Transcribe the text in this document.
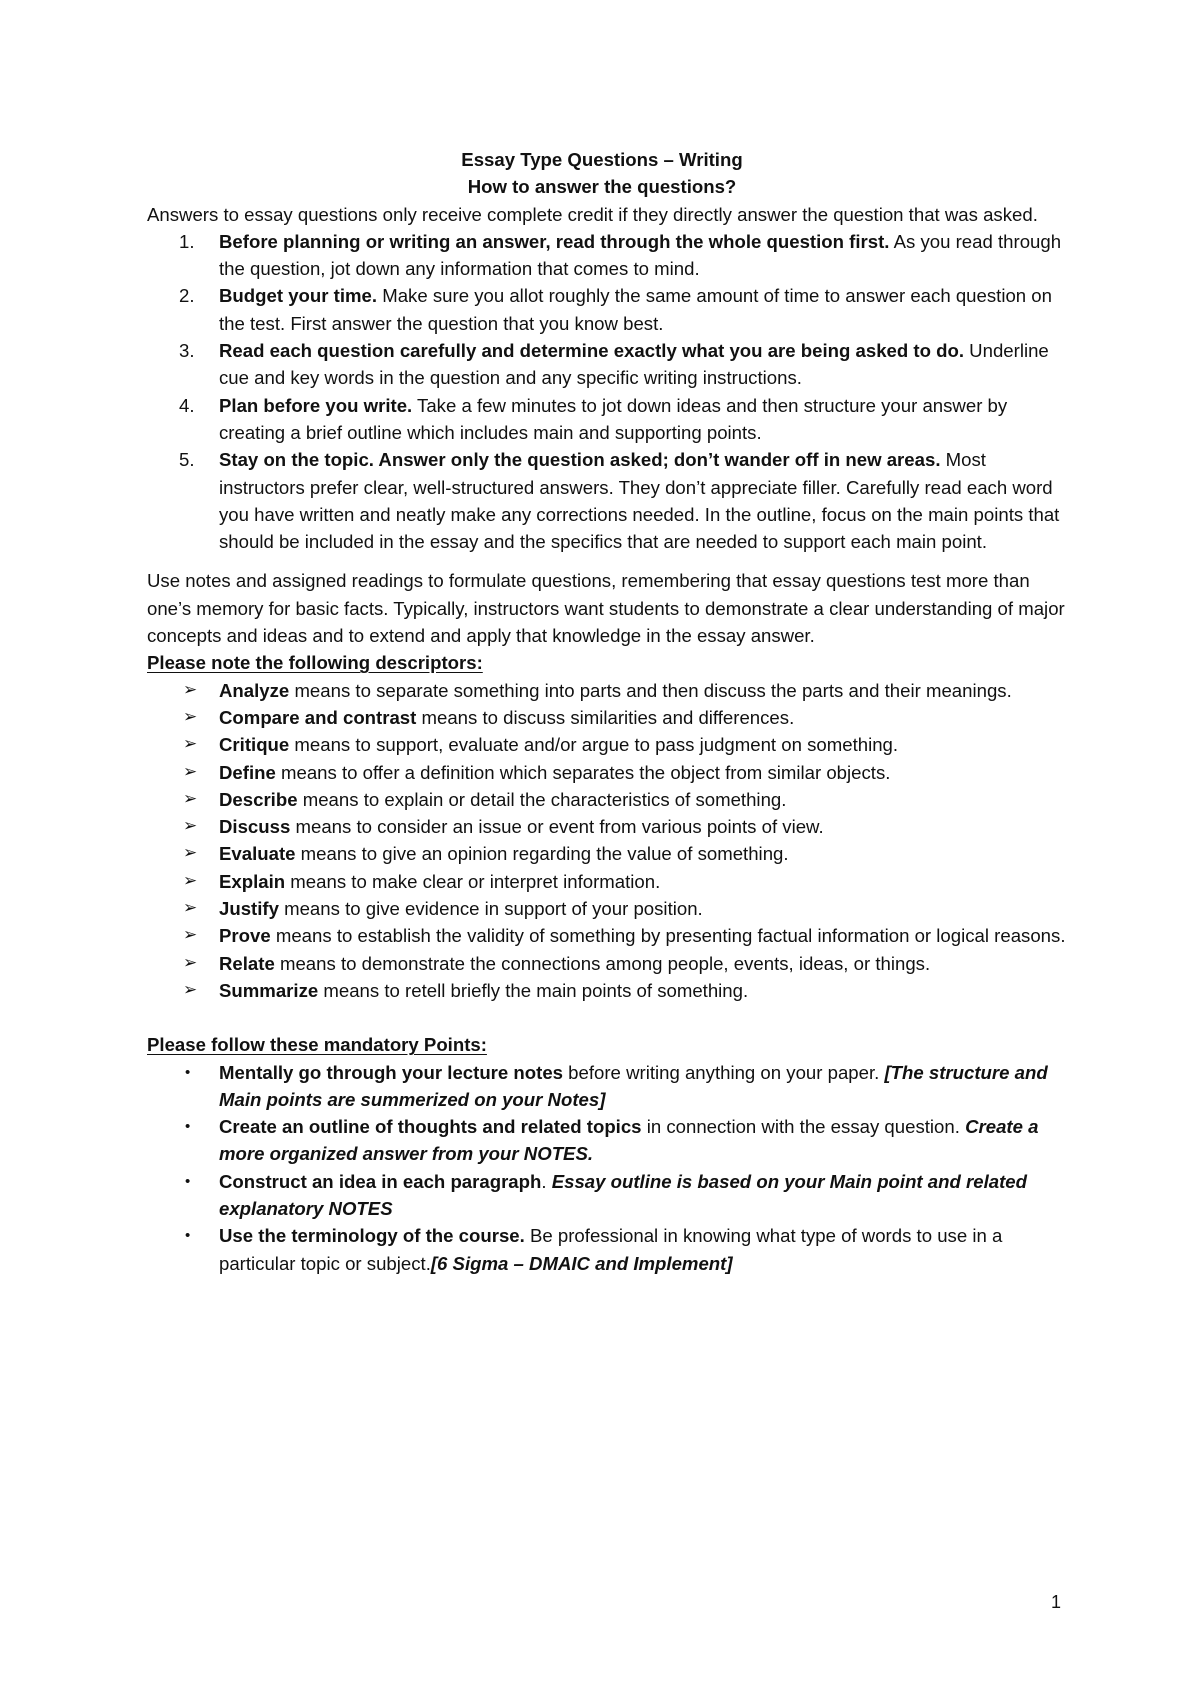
Essay Type Questions – Writing

How to answer the questions?

Answers to essay questions only receive complete credit if they directly answer the question that was asked.

1. Before planning or writing an answer, read through the whole question first. As you read through the question, jot down any information that comes to mind.
2. Budget your time. Make sure you allot roughly the same amount of time to answer each question on the test. First answer the question that you know best.
3. Read each question carefully and determine exactly what you are being asked to do. Underline cue and key words in the question and any specific writing instructions.
4. Plan before you write. Take a few minutes to jot down ideas and then structure your answer by creating a brief outline which includes main and supporting points.
5. Stay on the topic. Answer only the question asked; don’t wander off in new areas. Most instructors prefer clear, well-structured answers. They don’t appreciate filler. Carefully read each word you have written and neatly make any corrections needed. In the outline, focus on the main points that should be included in the essay and the specifics that are needed to support each main point.

Use notes and assigned readings to formulate questions, remembering that essay questions test more than one’s memory for basic facts. Typically, instructors want students to demonstrate a clear understanding of major concepts and ideas and to extend and apply that knowledge in the essay answer.

Please note the following descriptors:

➢ Analyze means to separate something into parts and then discuss the parts and their meanings.
➢ Compare and contrast means to discuss similarities and differences.
➢ Critique means to support, evaluate and/or argue to pass judgment on something.
➢ Define means to offer a definition which separates the object from similar objects.
➢ Describe means to explain or detail the characteristics of something.
➢ Discuss means to consider an issue or event from various points of view.
➢ Evaluate means to give an opinion regarding the value of something.
➢ Explain means to make clear or interpret information.
➢ Justify means to give evidence in support of your position.
➢ Prove means to establish the validity of something by presenting factual information or logical reasons.
➢ Relate means to demonstrate the connections among people, events, ideas, or things.
➢ Summarize means to retell briefly the main points of something.

Please follow these mandatory Points:

• Mentally go through your lecture notes before writing anything on your paper. [The structure and Main points are summerized on your Notes]
• Create an outline of thoughts and related topics in connection with the essay question. Create a more organized answer from your NOTES.
• Construct an idea in each paragraph. Essay outline is based on your Main point and related explanatory NOTES
• Use the terminology of the course. Be professional in knowing what type of words to use in a particular topic or subject.[6 Sigma – DMAIC and Implement]
1
